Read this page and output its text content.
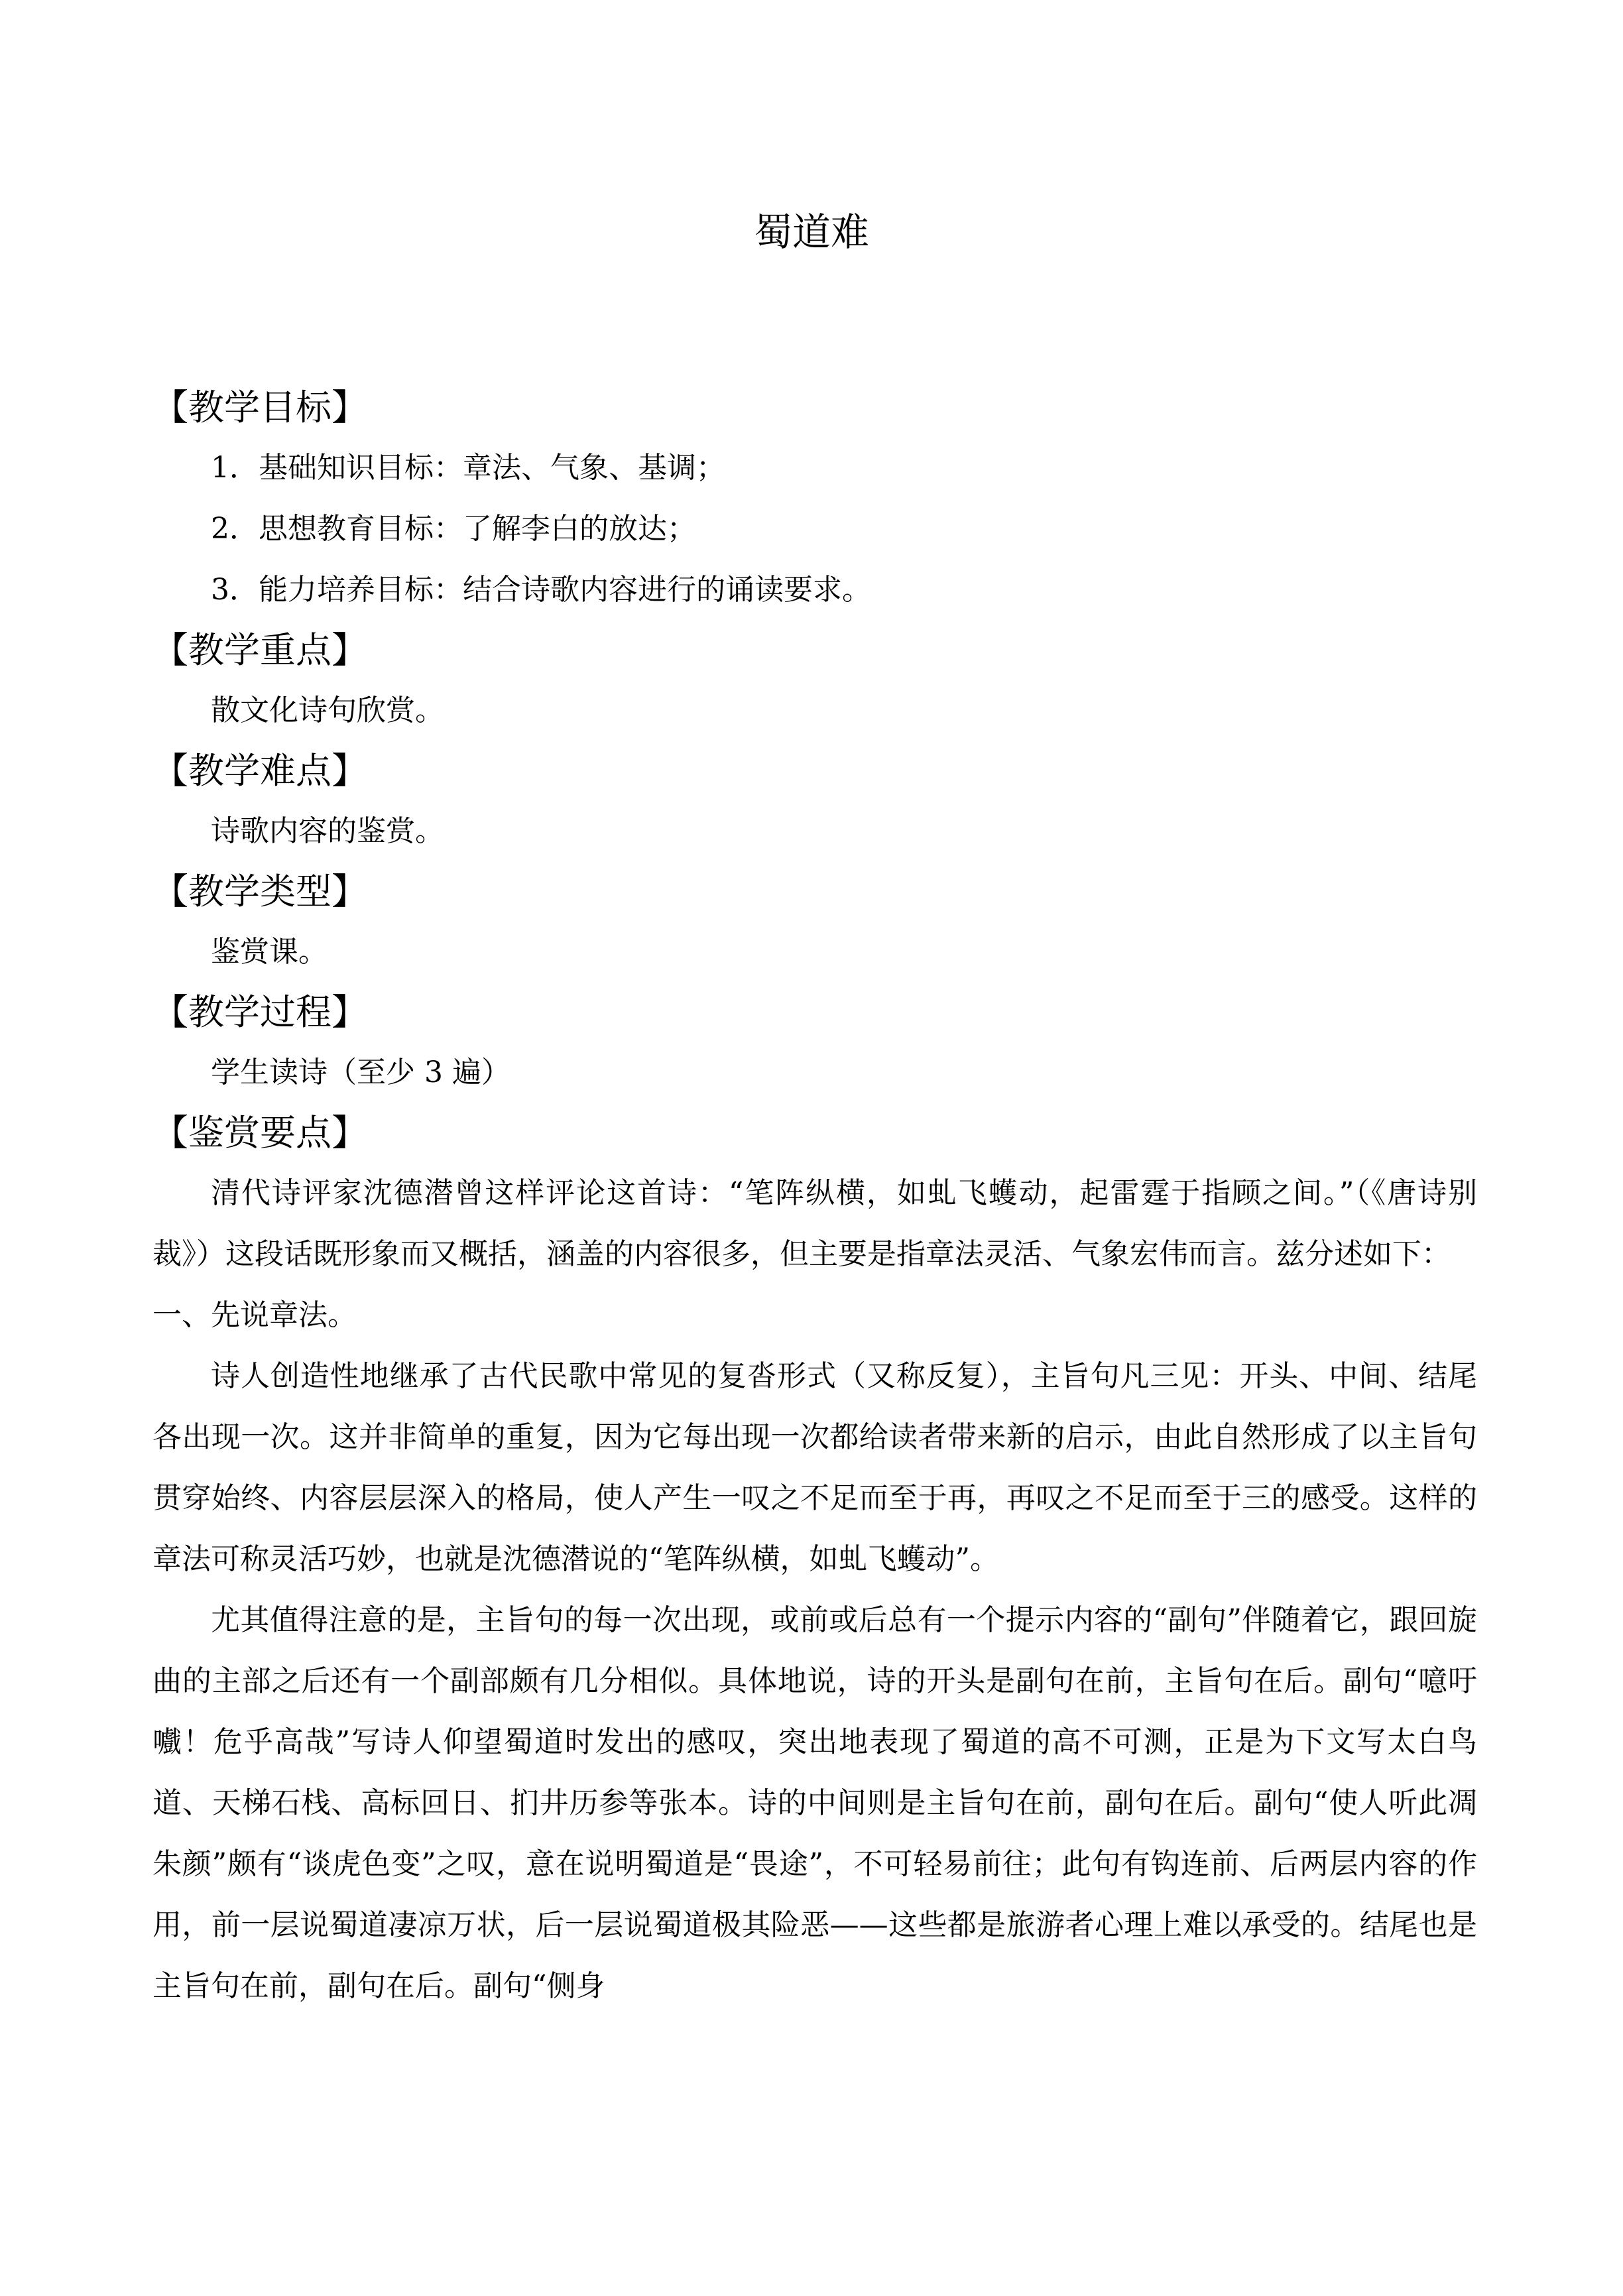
蜀道难
【教学目标】
1．基础知识目标：章法、气象、基调；
2．思想教育目标：了解李白的放达；
3．能力培养目标：结合诗歌内容进行的诵读要求。
【教学重点】
散文化诗句欣赏。
【教学难点】
诗歌内容的鉴赏。
【教学类型】
鉴赏课。
【教学过程】
学生读诗（至少 3 遍）
【鉴赏要点】

清代诗评家沈德潜曾这样评论这首诗：“笔阵纵横，如虬飞蠖动，起雷霆于指顾之间。”（《唐诗别裁》）这段话既形象而又概括，涵盖的内容很多，但主要是指章法灵活、气象宏伟而言。兹分述如下：

一、先说章法。

诗人创造性地继承了古代民歌中常见的复沓形式（又称反复），主旨句凡三见：开头、中间、结尾各出现一次。这并非简单的重复，因为它每出现一次都给读者带来新的启示，由此自然形成了以主旨句贯穿始终、内容层层深入的格局，使人产生一叹之不足而至于再，再叹之不足而至于三的感受。这样的章法可称灵活巧妙，也就是沈德潜说的“笔阵纵横，如虬飞蠖动”。

尤其值得注意的是，主旨句的每一次出现，或前或后总有一个提示内容的“副句”伴随着它，跟回旋曲的主部之后还有一个副部颇有几分相似。具体地说，诗的开头是副句在前，主旨句在后。副句“噫吁嚱！危乎高哉”写诗人仰望蜀道时发出的感叹，突出地表现了蜀道的高不可测，正是为下文写太白鸟道、天梯石栈、高标回日、扪井历参等张本。诗的中间则是主旨句在前，副句在后。副句“使人听此凋朱颜”颇有“谈虎色变”之叹，意在说明蜀道是“畏途”，不可轻易前往；此句有钩连前、后两层内容的作用，前一层说蜀道凄凉万状，后一层说蜀道极其险恶——这些都是旅游者心理上难以承受的。结尾也是主旨句在前，副句在后。副句“侧身
